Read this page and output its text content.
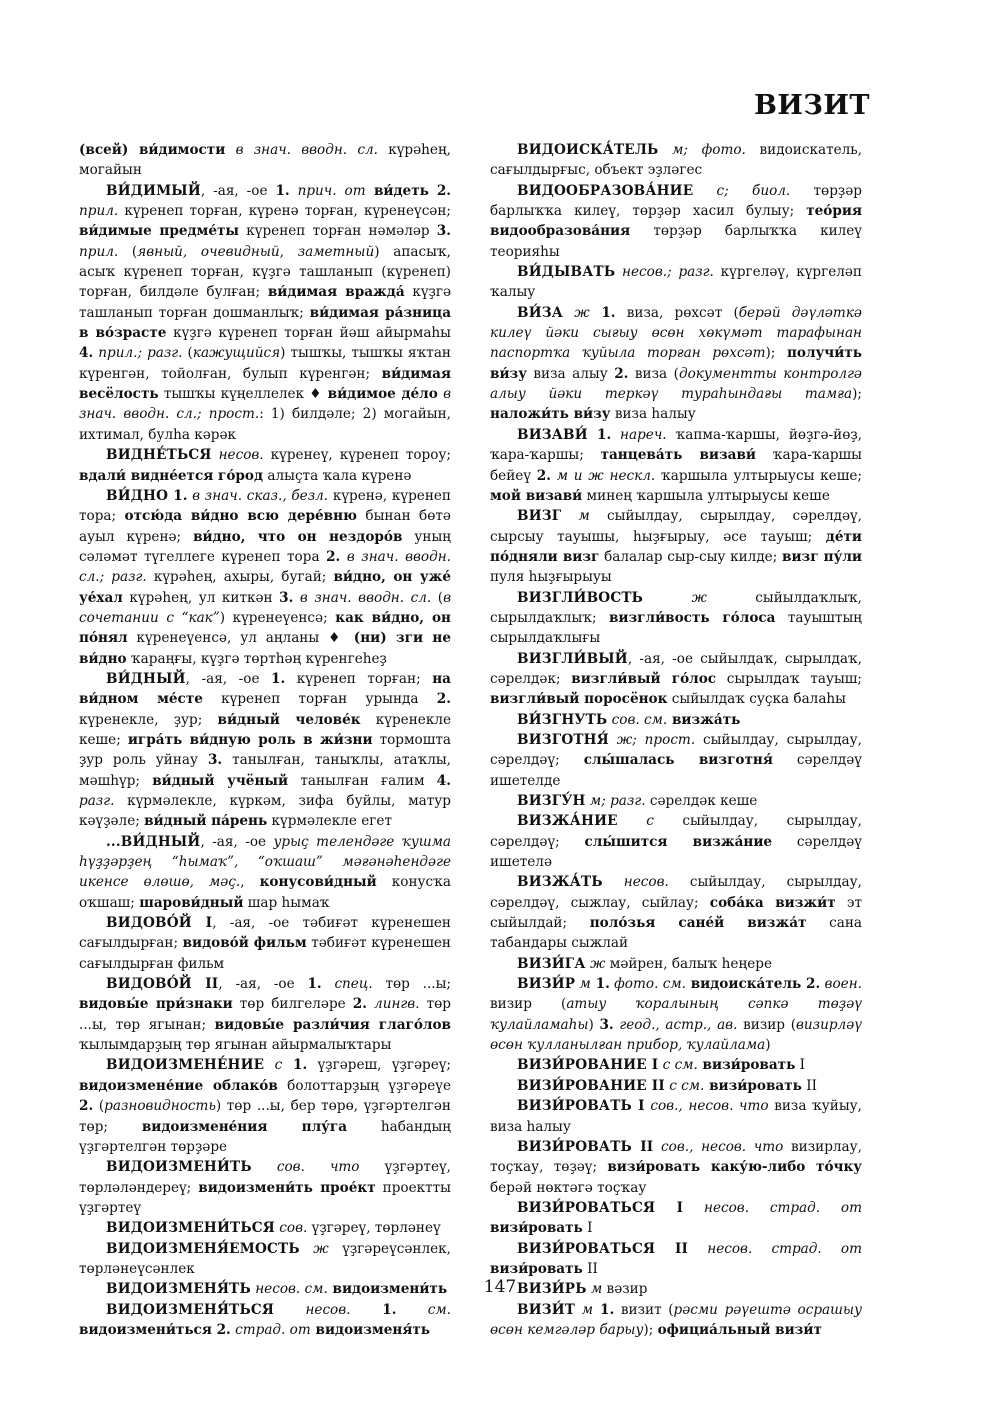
ВИЗИТ

(всей) ви́димости в знач. вводн. сл. күрәһең, могайын

ВИ́ДИМЫЙ, -ая, -ое 1. прич. от ви́деть 2. прил. күренеп торған, күренә торған, күренеүсән; ви́димые предме́ты күренеп торған нәмәләр 3. прил. (явный, очевидный, заметный) апасыҡ, асыҡ күренеп торған, күҙгә ташланып (күренеп) торған, билдәле булған; ви́димая вражда́ күҙгә ташланып торған дошманлыҡ; ви́димая ра́зница в во́зрасте күҙгә күренеп торған йәш айырмаһы 4. прил.; разг. (кажущийся) тышҡы, тышҡы яҡтан күренгән, тойолған, булып күренгән; ви́димая весёлость тышҡы күңеллелек ♦ ви́димое де́ло в знач. вводн. сл.; прост.: 1) билдәле; 2) могайын, ихтимал, булһа кәрәк

ВИДНЕ́ТЬСЯ несов. күренеү, күренеп тороу; вдали́ видне́ется го́род алыҫта ҡала күренә

ВИ́ДНО 1. в знач. сказ., безл. күренә, күренеп тора; отсю́да ви́дно всю дере́вню бынан бөтә ауыл күренә; ви́дно, что он нездоро́в уның сәләмәт түгеллеге күренеп тора 2. в знач. вводн. сл.; разг. күрәһең, ахыры, бугай; ви́дно, он уже́ уе́хал күрәһең, ул киткән 3. в знач. вводн. сл. (в сочетании с “как”) күренеүенсә; как ви́дно, он по́нял күренеүенсә, ул аңланы ♦ (ни) зги не ви́дно ҡараңғы, күҙгә төртһәң күренгеһеҙ

ВИ́ДНЫЙ, -ая, -ое 1. күренеп торған; на ви́дном ме́сте күренеп торған урында 2. күренекле, ҙур; ви́дный челове́к күренекле кеше; игра́ть ви́дную роль в жи́зни тормошта ҙур роль уйнау 3. танылған, таныҡлы, атаҡлы, мәшһүр; ви́дный учёный танылған ғалим 4. разг. күрмәлекле, күркәм, зифа буйлы, матур кәүҙәле; ви́дный па́рень күрмәлекле егет

...ВИ́ДНЫЙ, -ая, -ое урыҫ телендәге ҡушма һүҙҙәрҙең “һымаҡ”, “оҡшаш” мәғәнәһендәге икенсе өлөшө, мәҫ., конусови́дный конусҡа оҡшаш; шарови́дный шар һымаҡ

ВИДОВО́Й I, -ая, -ое тәбиғәт күренешен сағылдырған; видово́й фильм тәбиғәт күренешен сағылдырған фильм

ВИДОВО́Й II, -ая, -ое 1. спец. төр ...ы; видовы́е при́знаки төр билгеләре 2. лингв. төр ...ы, төр ягынан; видовы́е разли́чия глаго́лов ҡылымдарҙың төр ягынан айырмалыҡтары

ВИДОИЗМЕНЕ́НИЕ с 1. үҙгәреш, үҙгәреү; видоизмене́ние облако́в болоттарҙың үҙгәреүе 2. (разновидность) төр ...ы, бер төрө, үҙгәртелгән төр; видоизмене́ния плу́га һабандың үҙгәртелгән төрҙәре

ВИДОИЗМЕНИ́ТЬ сов. что үҙгәртеү, төрләләндереү; видоизмени́ть прое́кт проектты үҙгәртеү

ВИДОИЗМЕНИ́ТЬСЯ сов. үҙгәреү, төрләнеү

ВИДОИЗМЕНЯ́ЕМОСТЬ ж үҙгәреүсәнлек, төрләнеүсәнлек

ВИДОИЗМЕНЯ́ТЬ несов. см. видоизмени́ть

ВИДОИЗМЕНЯ́ТЬСЯ несов. 1. см. видоизмени́ться 2. страд. от видоизменя́ть

ВИДОИСКА́ТЕЛЬ м; фото. видоискатель, сағылдырғыс, объект эҙләгес

ВИДООБРАЗОВА́НИЕ с; биол. төрҙәр барлыҡҡа килеү, төрҙәр хасил булыу; тео́рия видообразова́ния төрҙәр барлыҡҡа килеү теорияһы

ВИ́ДЫВАТЬ несов.; разг. күргеләү, күргеләп ҡалыу

ВИ́ЗА ж 1. виза, рөхсәт (берәй дәүләткә килеү йәки сығыу өсөн хөкүмәт тарафынан паспортҡа ҡуйыла торған рөхсәт); получи́ть ви́зу виза алыу 2. виза (документты контролгә алыу йәки теркәү тураһындағы тамға); наложи́ть ви́зу виза һалыу

ВИЗАВИ́ 1. нареч. ҡапма-ҡаршы, йөҙгә-йөҙ, ҡара-ҡаршы; танцева́ть визави́ ҡара-ҡаршы бейеү 2. м и ж нескл. ҡаршыла ултырыусы кеше; мой визави́ минең ҡаршыла ултырыусы кеше

ВИЗГ м сыйылдау, сырылдау, сәрелдәү, сырсыу тауышы, һыҙғырыу, әсе тауыш; де́ти по́дняли визг балалар сыр-сыу килде; визг пу́ли пуля һыҙғырыуы

ВИЗГЛИ́ВОСТЬ ж сыйылдаҡлыҡ, сырылдаҡлыҡ; визгли́вость го́лоса тауыштың сырылдаҡлығы

ВИЗГЛИ́ВЫЙ, -ая, -ое сыйылдаҡ, сырылдаҡ, сәрелдәк; визгли́вый го́лос сырылдаҡ тауыш; визгли́вый поросёнок сыйылдаҡ суҫка балаһы

ВИ́ЗГНУТЬ сов. см. визжа́ть

ВИЗГОТНЯ́ ж; прост. сыйылдау, сырылдау, сәрелдәү; слы́шалась визготня́ сәрелдәү ишетелде

ВИЗГУ́Н м; разг. сәрелдәк кеше

ВИЗЖА́НИЕ с сыйылдау, сырылдау, сәрелдәү; слы́шится визжа́ние сәрелдәү ишетелә

ВИЗЖА́ТЬ несов. сыйылдау, сырылдау, сәрелдәү, сыжлау, сыйлау; соба́ка визжи́т эт сыйылдай; поло́зья сане́й визжа́т сана табандары сыжлай

ВИЗИ́ГА ж мәйрен, балыҡ һеңере

ВИЗИ́Р м 1. фото. см. видоиска́тель 2. воен. визир (атыу ҡоралының сәпкә төҙәү ҡулайламаһы) 3. геод., астр., ав. визир (визирләү өсөн ҡулланылған прибор, ҡулайлама)

ВИЗИ́РОВАНИЕ I с см. визи́ровать I

ВИЗИ́РОВАНИЕ II с см. визи́ровать II

ВИЗИ́РОВАТЬ I сов., несов. что виза ҡуйыу, виза һалыу

ВИЗИ́РОВАТЬ II сов., несов. что визирлау, тоҫҡау, төҙәү; визи́ровать каку́ю-либо то́чку берәй нөктәгә тоҫҡау

ВИЗИ́РОВАТЬСЯ I несов. страд. от визи́ровать I

ВИЗИ́РОВАТЬСЯ II несов. страд. от визи́ровать II

ВИЗИ́РЬ м вәзир

ВИЗИ́Т м 1. визит (рәсми рәүештә осрашыу өсөн кемгәләр барыу); официа́льный визи́т

147
